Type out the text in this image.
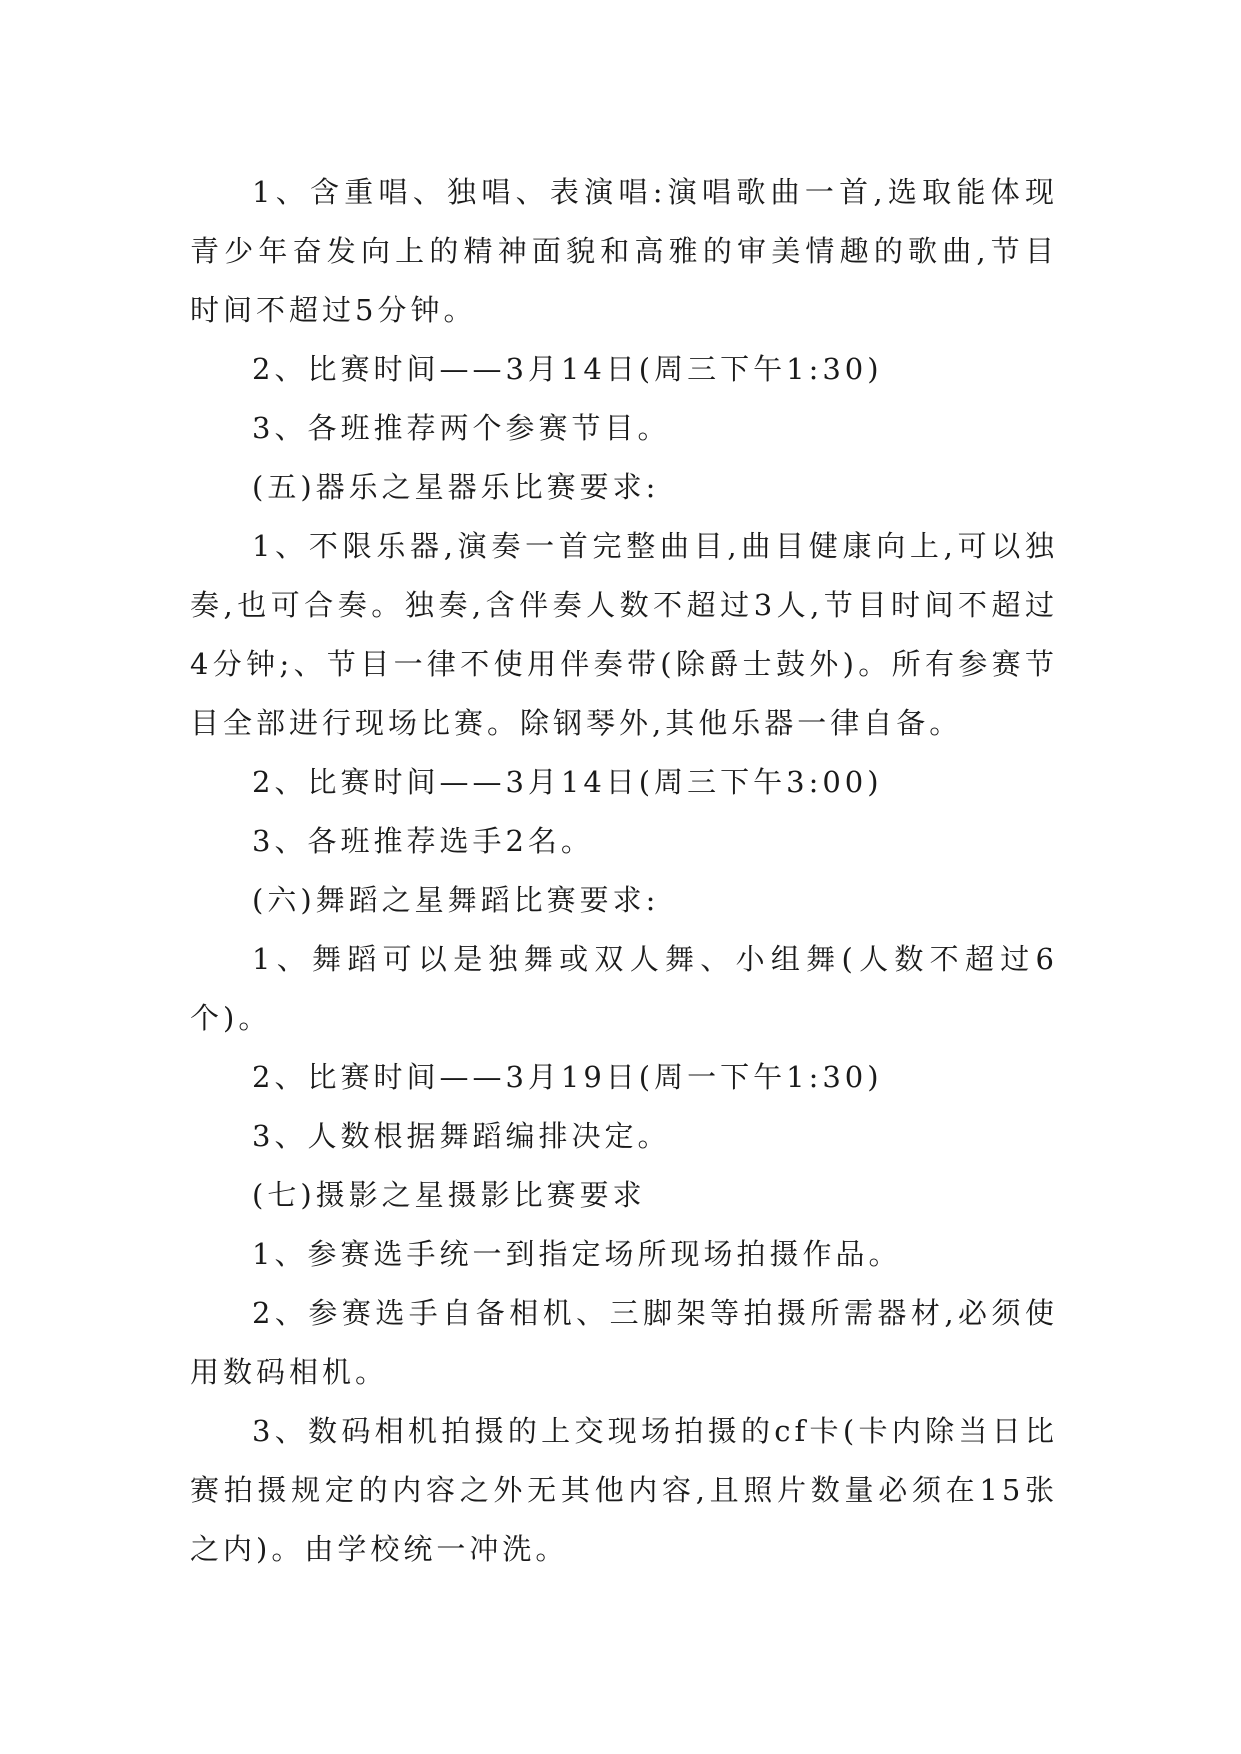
1、含重唱、独唱、表演唱:演唱歌曲一首,选取能体现青少年奋发向上的精神面貌和高雅的审美情趣的歌曲,节目时间不超过5分钟。

2、比赛时间——3月14日(周三下午1:30)

3、各班推荐两个参赛节目。

(五)器乐之星器乐比赛要求:

1、不限乐器,演奏一首完整曲目,曲目健康向上,可以独奏,也可合奏。独奏,含伴奏人数不超过3人,节目时间不超过4分钟;、节目一律不使用伴奏带(除爵士鼓外)。所有参赛节目全部进行现场比赛。除钢琴外,其他乐器一律自备。

2、比赛时间——3月14日(周三下午3:00)

3、各班推荐选手2名。

(六)舞蹈之星舞蹈比赛要求:

1、舞蹈可以是独舞或双人舞、小组舞(人数不超过6个)。

2、比赛时间——3月19日(周一下午1:30)

3、人数根据舞蹈编排决定。

(七)摄影之星摄影比赛要求

1、参赛选手统一到指定场所现场拍摄作品。

2、参赛选手自备相机、三脚架等拍摄所需器材,必须使用数码相机。

3、数码相机拍摄的上交现场拍摄的cf卡(卡内除当日比赛拍摄规定的内容之外无其他内容,且照片数量必须在15张之内)。由学校统一冲洗。
